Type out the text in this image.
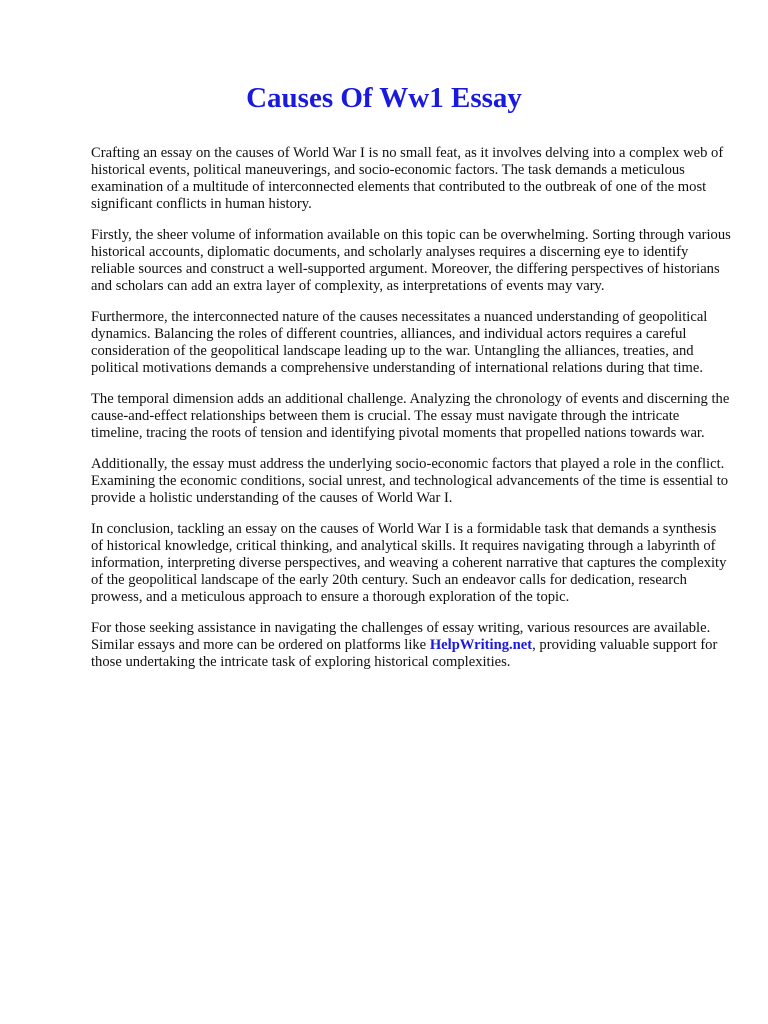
Causes Of Ww1 Essay

Crafting an essay on the causes of World War I is no small feat, as it involves delving into a complex web of historical events, political maneuverings, and socio-economic factors. The task demands a meticulous examination of a multitude of interconnected elements that contributed to the outbreak of one of the most significant conflicts in human history.

Firstly, the sheer volume of information available on this topic can be overwhelming. Sorting through various historical accounts, diplomatic documents, and scholarly analyses requires a discerning eye to identify reliable sources and construct a well-supported argument. Moreover, the differing perspectives of historians and scholars can add an extra layer of complexity, as interpretations of events may vary.

Furthermore, the interconnected nature of the causes necessitates a nuanced understanding of geopolitical dynamics. Balancing the roles of different countries, alliances, and individual actors requires a careful consideration of the geopolitical landscape leading up to the war. Untangling the alliances, treaties, and political motivations demands a comprehensive understanding of international relations during that time.

The temporal dimension adds an additional challenge. Analyzing the chronology of events and discerning the cause-and-effect relationships between them is crucial. The essay must navigate through the intricate timeline, tracing the roots of tension and identifying pivotal moments that propelled nations towards war.

Additionally, the essay must address the underlying socio-economic factors that played a role in the conflict. Examining the economic conditions, social unrest, and technological advancements of the time is essential to provide a holistic understanding of the causes of World War I.

In conclusion, tackling an essay on the causes of World War I is a formidable task that demands a synthesis of historical knowledge, critical thinking, and analytical skills. It requires navigating through a labyrinth of information, interpreting diverse perspectives, and weaving a coherent narrative that captures the complexity of the geopolitical landscape of the early 20th century. Such an endeavor calls for dedication, research prowess, and a meticulous approach to ensure a thorough exploration of the topic.

For those seeking assistance in navigating the challenges of essay writing, various resources are available. Similar essays and more can be ordered on platforms like HelpWriting.net, providing valuable support for those undertaking the intricate task of exploring historical complexities.
